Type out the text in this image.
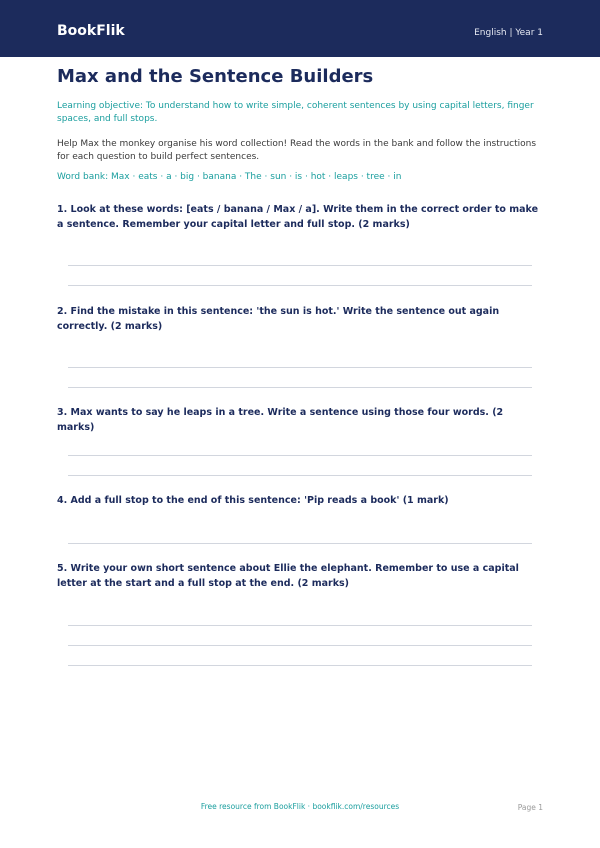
BookFlik	English | Year 1
Max and the Sentence Builders
Learning objective: To understand how to write simple, coherent sentences by using capital letters, finger spaces, and full stops.
Help Max the monkey organise his word collection! Read the words in the bank and follow the instructions for each question to build perfect sentences.
Word bank: Max · eats · a · big · banana · The · sun · is · hot · leaps · tree · in
1. Look at these words: [eats / banana / Max / a]. Write them in the correct order to make a sentence. Remember your capital letter and full stop. (2 marks)
2. Find the mistake in this sentence: 'the sun is hot.' Write the sentence out again correctly. (2 marks)
3. Max wants to say he leaps in a tree. Write a sentence using those four words. (2 marks)
4. Add a full stop to the end of this sentence: 'Pip reads a book' (1 mark)
5. Write your own short sentence about Ellie the elephant. Remember to use a capital letter at the start and a full stop at the end. (2 marks)
Free resource from BookFlik · bookflik.com/resources	Page 1
